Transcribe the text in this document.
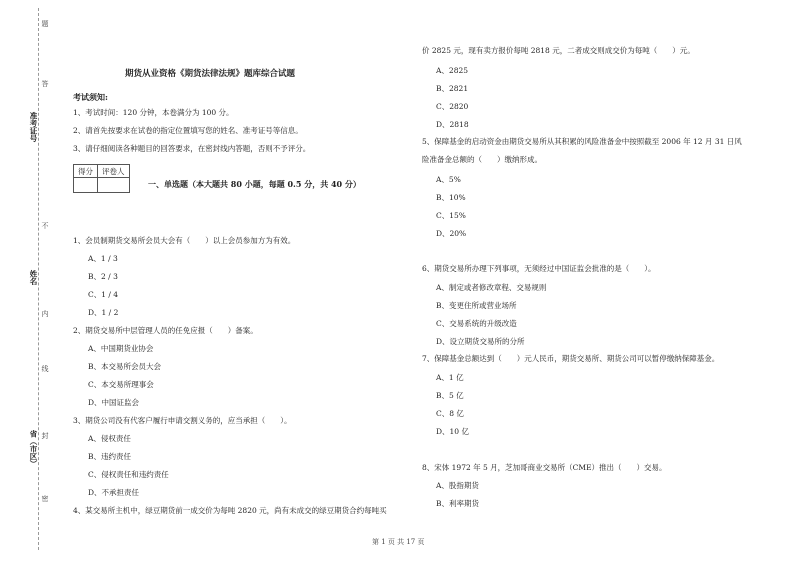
题
答
不
内
线
封
密
准考证号
姓名
省（市区）
期货从业资格《期货法律法规》题库综合试题
考试须知:
1、考试时间：120 分钟，本卷满分为 100 分。
2、请首先按要求在试卷的指定位置填写您的姓名、准考证号等信息。
3、请仔细阅读各种题目的回答要求，在密封线内答题，否则不予评分。
得分	评卷人

一、单选题（本大题共 80 小题，每题 0.5 分，共 40 分）
1、会员制期货交易所会员大会有（　　）以上会员参加方为有效。
A、1 / 3
B、2 / 3
C、1 / 4
D、1 / 2
2、期货交易所中层管理人员的任免应报（　　）备案。
A、中国期货业协会
B、本交易所会员大会
C、本交易所理事会
D、中国证监会
3、期货公司没有代客户履行申请交割义务的，应当承担（　　）。
A、侵权责任
B、违约责任
C、侵权责任和违约责任
D、不承担责任
4、某交易所主机中，绿豆期货前一成交价为每吨 2820 元，尚有未成交的绿豆期货合约每吨买
价 2825 元，现有卖方报价每吨 2818 元，二者成交则成交价为每吨（　　）元。
A、2825
B、2821
C、2820
D、2818
5、保障基金的启动资金由期货交易所从其积累的风险准备金中按照截至 2006 年 12 月 31 日风
险准备金总额的（　　）缴纳形成。
A、5%
B、10%
C、15%
D、20%
6、期货交易所办理下列事项，无须经过中国证监会批准的是（　　）。
A、制定或者修改章程、交易规则
B、变更住所或营业场所
C、交易系统的升级改造
D、设立期货交易所的分所
7、保障基金总额达到（　　）元人民币，期货交易所、期货公司可以暂停缴纳保障基金。
A、1 亿
B、5 亿
C、8 亿
D、10 亿
8、宋体 1972 年 5 月，芝加哥商业交易所（CME）推出（　　）交易。
A、股指期货
B、利率期货
第 1 页 共 17 页
